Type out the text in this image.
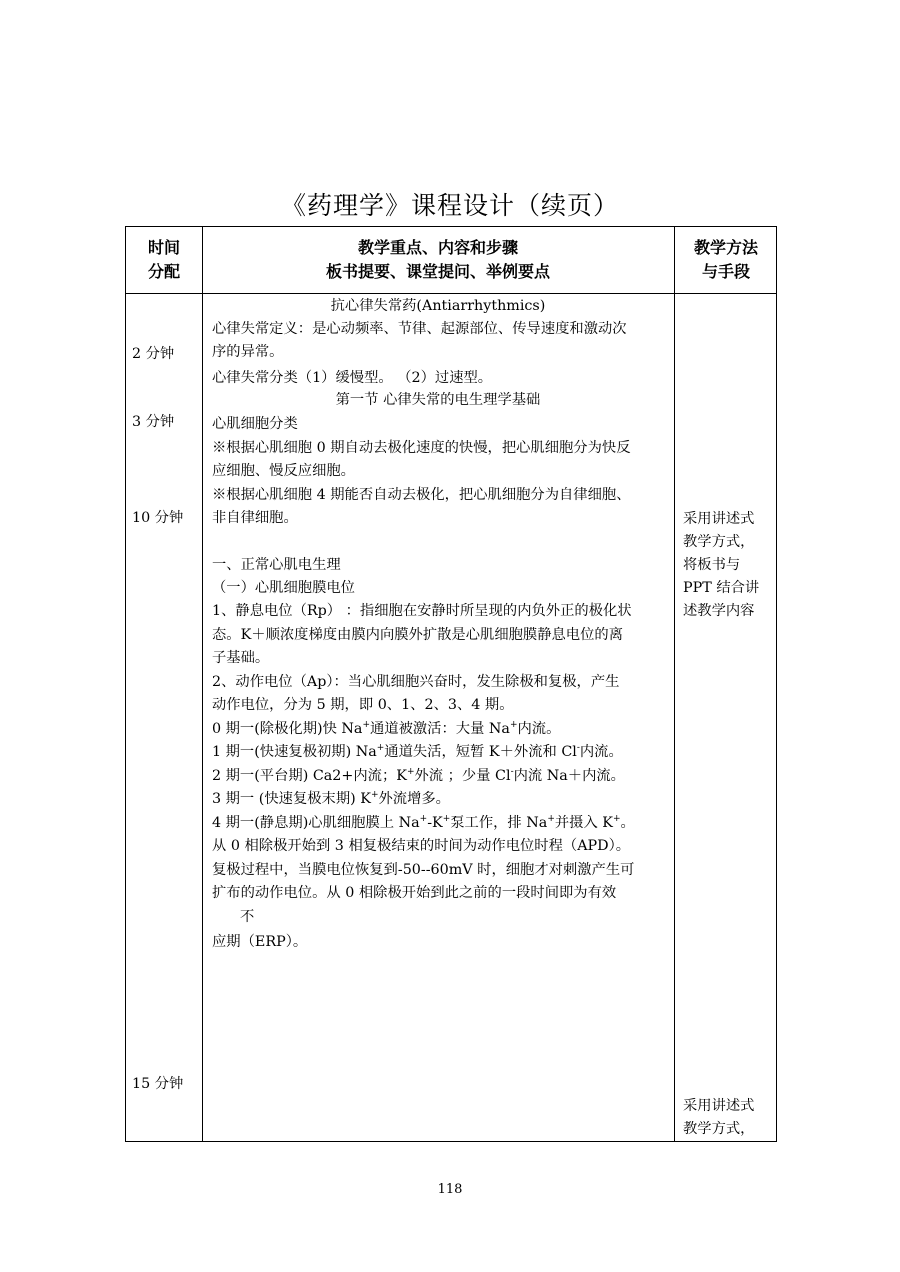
《药理学》课程设计（续页）
时间
分配
教学重点、内容和步骤
板书提要、课堂提问、举例要点
教学方法
与手段
2 分钟
3 分钟
10 分钟
15 分钟
抗心律失常药(Antiarrhythmics)
心律失常定义：是心动频率、节律、起源部位、传导速度和激动次
序的异常。
心律失常分类（1）缓慢型。 （2）过速型。
第一节 心律失常的电生理学基础
心肌细胞分类
※根据心肌细胞 0 期自动去极化速度的快慢，把心肌细胞分为快反
应细胞、慢反应细胞。
※根据心肌细胞 4 期能否自动去极化，把心肌细胞分为自律细胞、
非自律细胞。
一、正常心肌电生理
（一）心肌细胞膜电位
1、静息电位（Rp） ：指细胞在安静时所呈现的内负外正的极化状
态。K＋顺浓度梯度由膜内向膜外扩散是心肌细胞膜静息电位的离
子基础。
2、动作电位（Ap）：当心肌细胞兴奋时，发生除极和复极，产生
动作电位，分为 5 期，即 0、1、2、3、4 期。
0 期一(除极化期)快 Na+通道被激活：大量 Na+内流。
1 期一(快速复极初期) Na+通道失活，短暂 K＋外流和 Cl-内流。
2 期一(平台期) Ca2+内流；K+外流 ；少量 Cl-内流 Na＋内流。
3 期一 (快速复极末期) K+外流增多。
4 期一(静息期)心肌细胞膜上 Na+-K+泵工作，排 Na+并摄入 K+。
从 0 相除极开始到 3 相复极结束的时间为动作电位时程（APD）。
复极过程中，当膜电位恢复到-50--60mV 时，细胞才对刺激产生可
扩布的动作电位。从 0 相除极开始到此之前的一段时间即为有效
不
应期（ERP）。
采用讲述式
教学方式，
将板书与
PPT 结合讲
述教学内容
采用讲述式
教学方式，
118
